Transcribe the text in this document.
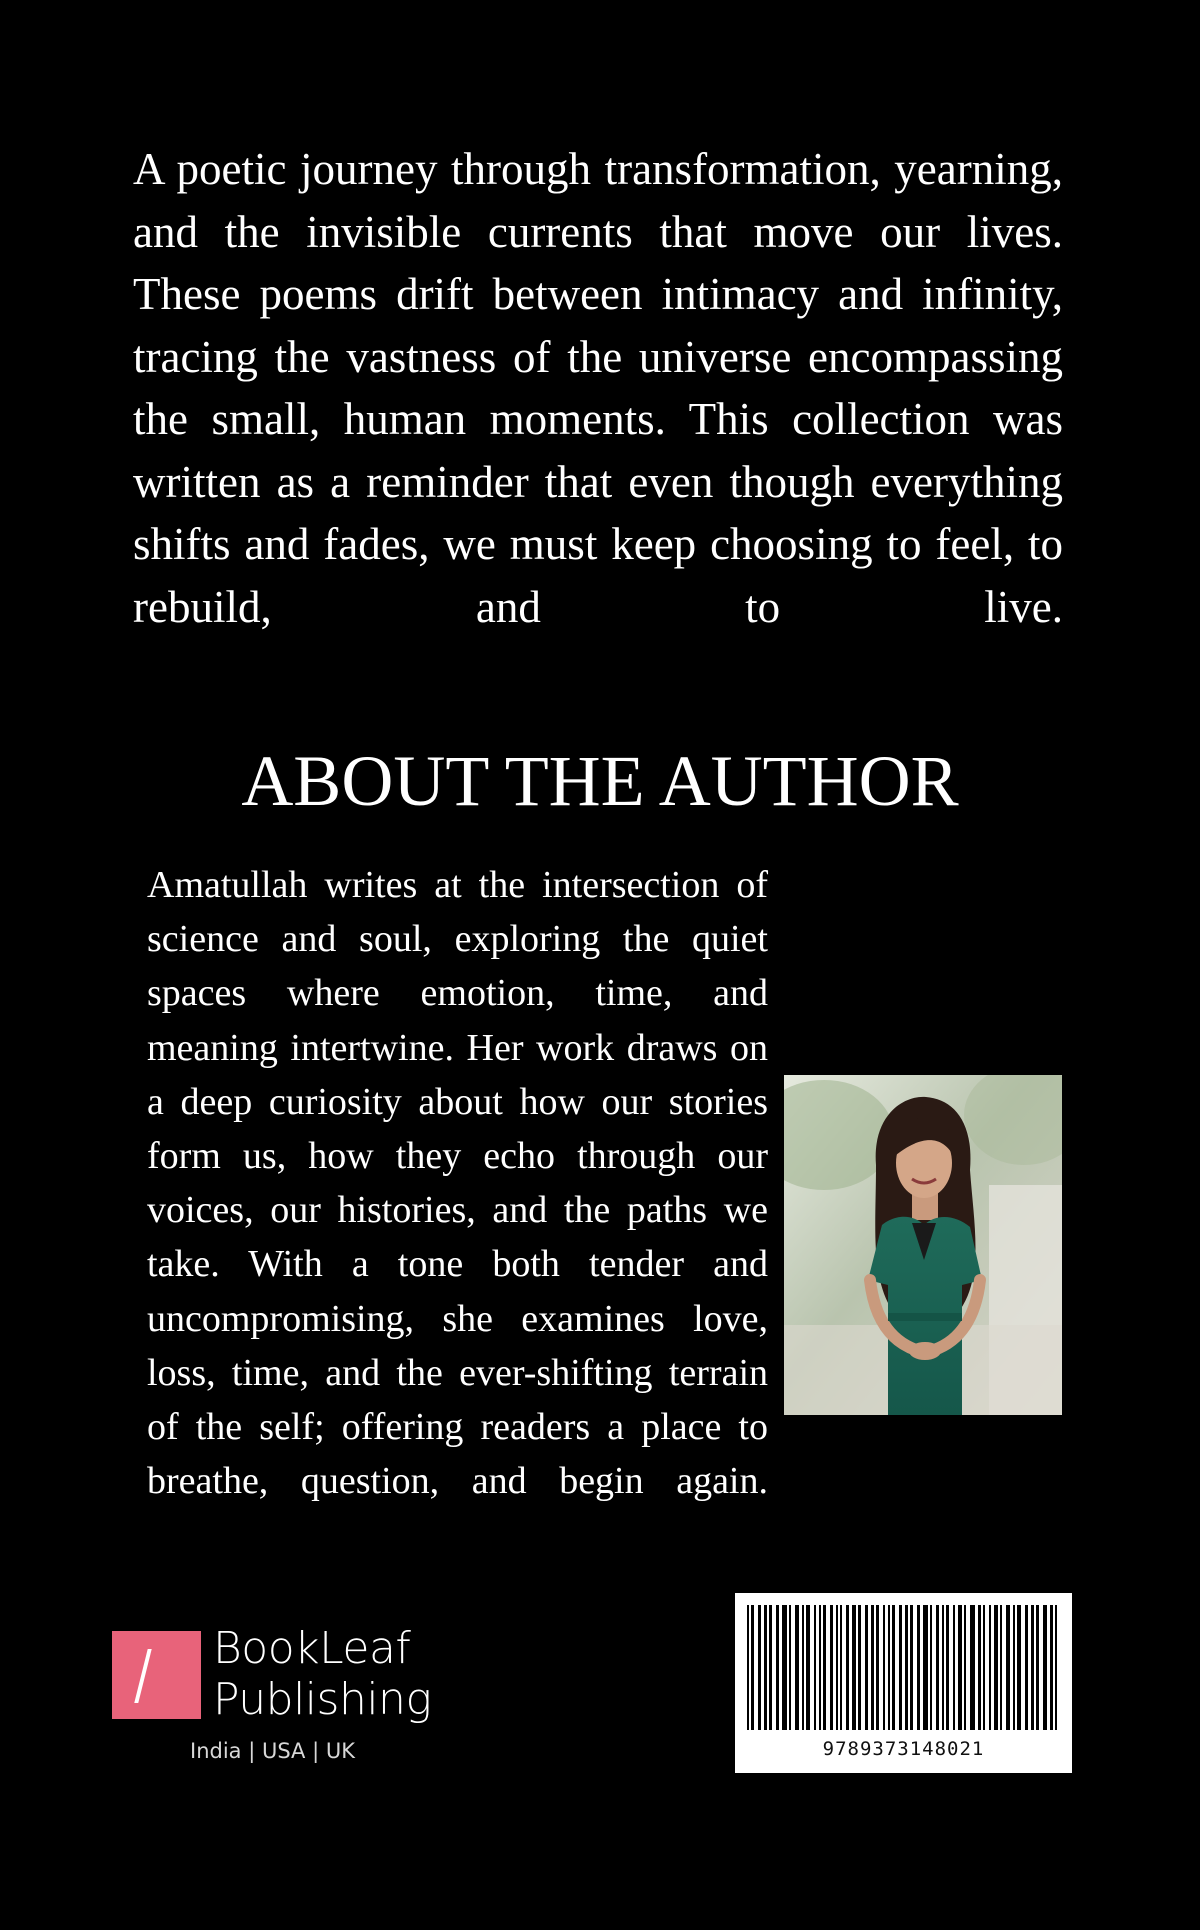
A poetic journey through transformation, yearning, and the invisible currents that move our lives. These poems drift between intimacy and infinity, tracing the vastness of the universe encompassing the small, human moments. This collection was written as a reminder that even though everything shifts and fades, we must keep choosing to feel, to rebuild, and to live.

ABOUT THE AUTHOR

Amatullah writes at the intersection of science and soul, exploring the quiet spaces where emotion, time, and meaning intertwine. Her work draws on a deep curiosity about how our stories form us, how they echo through our voices, our histories, and the paths we take. With a tone both tender and uncompromising, she examines love, loss, time, and the ever-shifting terrain of the self; offering readers a place to breathe, question, and begin again.

BookLeaf
Publishing
India | USA | UK	9789373148021
